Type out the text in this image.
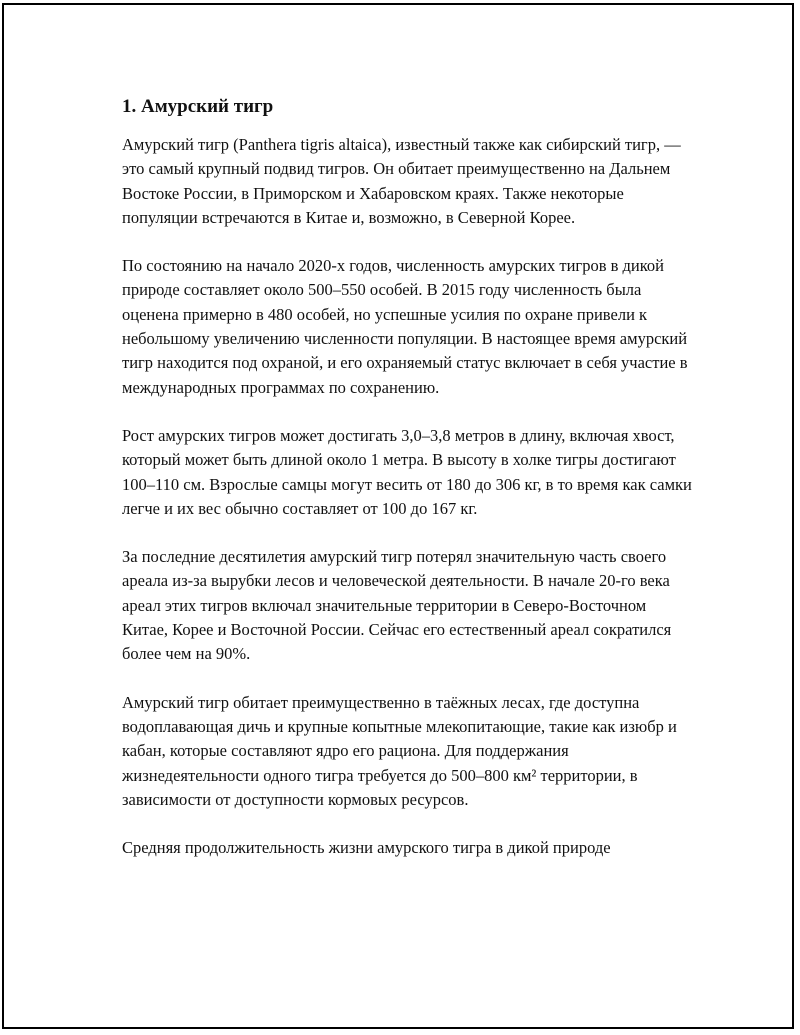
1. Амурский тигр

Амурский тигр (Panthera tigris altaica), известный также как сибирский тигр, — это самый крупный подвид тигров. Он обитает преимущественно на Дальнем Востоке России, в Приморском и Хабаровском краях. Также некоторые популяции встречаются в Китае и, возможно, в Северной Корее.

По состоянию на начало 2020-х годов, численность амурских тигров в дикой природе составляет около 500–550 особей. В 2015 году численность была оценена примерно в 480 особей, но успешные усилия по охране привели к небольшому увеличению численности популяции. В настоящее время амурский тигр находится под охраной, и его охраняемый статус включает в себя участие в международных программах по сохранению.

Рост амурских тигров может достигать 3,0–3,8 метров в длину, включая хвост, который может быть длиной около 1 метра. В высоту в холке тигры достигают 100–110 см. Взрослые самцы могут весить от 180 до 306 кг, в то время как самки легче и их вес обычно составляет от 100 до 167 кг.

За последние десятилетия амурский тигр потерял значительную часть своего ареала из-за вырубки лесов и человеческой деятельности. В начале 20-го века ареал этих тигров включал значительные территории в Северо-Восточном Китае, Корее и Восточной России. Сейчас его естественный ареал сократился более чем на 90%.

Амурский тигр обитает преимущественно в таёжных лесах, где доступна водоплавающая дичь и крупные копытные млекопитающие, такие как изюбр и кабан, которые составляют ядро его рациона. Для поддержания жизнедеятельности одного тигра требуется до 500–800 км² территории, в зависимости от доступности кормовых ресурсов.

Средняя продолжительность жизни амурского тигра в дикой природе
